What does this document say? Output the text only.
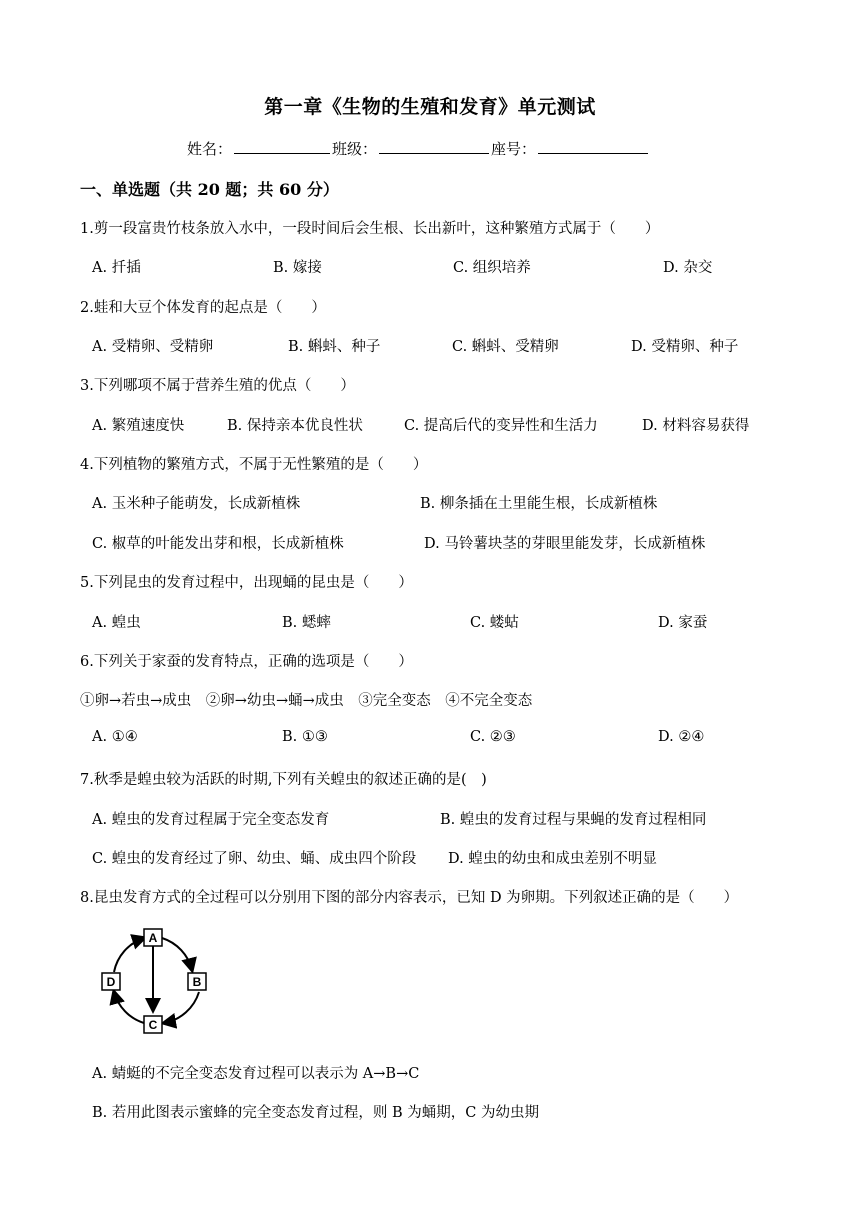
第一章《生物的生殖和发育》单元测试
姓名：	班级：	座号：
一、单选题（共 20 题；共 60 分）
1.剪一段富贵竹枝条放入水中，一段时间后会生根、长出新叶，这种繁殖方式属于（　　）
A. 扦插	B. 嫁接	C. 组织培养	D. 杂交
2.蛙和大豆个体发育的起点是（　　）
A. 受精卵、受精卵	B. 蝌蚪、种子	C. 蝌蚪、受精卵	D. 受精卵、种子
3.下列哪项不属于营养生殖的优点（　　）
A. 繁殖速度快	B. 保持亲本优良性状	C. 提高后代的变异性和生活力	D. 材料容易获得
4.下列植物的繁殖方式，不属于无性繁殖的是（　　）
A. 玉米种子能萌发，长成新植株	B. 柳条插在土里能生根，长成新植株
C. 椒草的叶能发出芽和根，长成新植株	D. 马铃薯块茎的芽眼里能发芽，长成新植株
5.下列昆虫的发育过程中，出现蛹的昆虫是（　　）
A. 蝗虫	B. 蟋蟀	C. 蝼蛄	D. 家蚕
6.下列关于家蚕的发育特点，正确的选项是（　　）
①卵→若虫→成虫　②卵→幼虫→蛹→成虫　③完全变态　④不完全变态
A. ①④	B. ①③	C. ②③	D. ②④
7.秋季是蝗虫较为活跃的时期,下列有关蝗虫的叙述正确的是(　)
A. 蝗虫的发育过程属于完全变态发育	B. 蝗虫的发育过程与果蝇的发育过程相同
C. 蝗虫的发育经过了卵、幼虫、蛹、成虫四个阶段 D. 蝗虫的幼虫和成虫差别不明显
8.昆虫发育方式的全过程可以分别用下图的部分内容表示，已知 D 为卵期。下列叙述正确的是（　　）
A
B
C
D
A. 蜻蜓的不完全变态发育过程可以表示为 A→B→C
B. 若用此图表示蜜蜂的完全变态发育过程，则 B 为蛹期，C 为幼虫期
